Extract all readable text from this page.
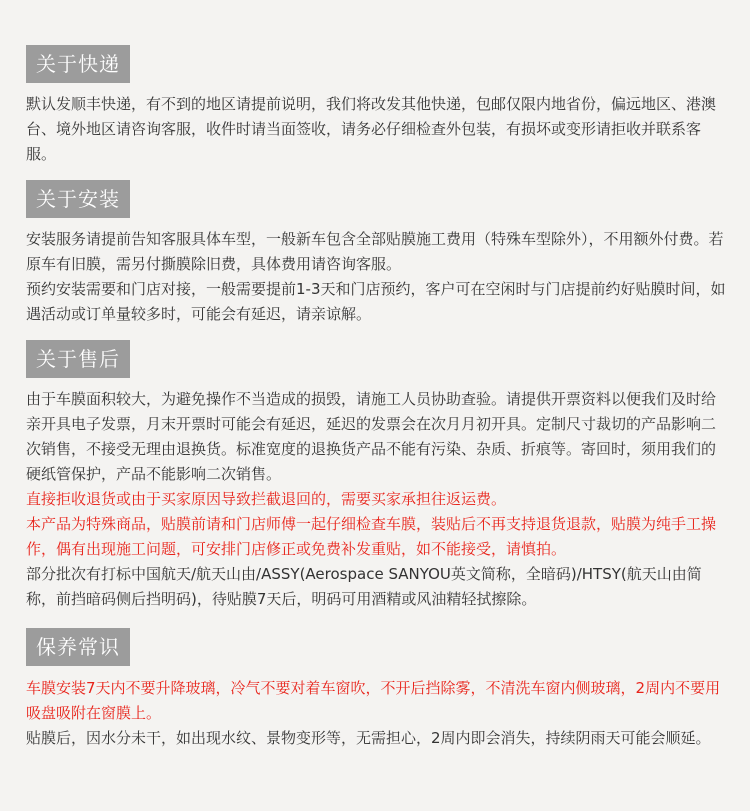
关于快递

默认发顺丰快递，有不到的地区请提前说明，我们将改发其他快递，包邮仅限内地省份，偏远地区、港澳台、境外地区请咨询客服，收件时请当面签收，请务必仔细检查外包装，有损坏或变形请拒收并联系客服。

关于安装

安装服务请提前告知客服具体车型，一般新车包含全部贴膜施工费用（特殊车型除外），不用额外付费。若原车有旧膜，需另付撕膜除旧费，具体费用请咨询客服。

预约安装需要和门店对接，一般需要提前1-3天和门店预约，客户可在空闲时与门店提前约好贴膜时间，如遇活动或订单量较多时，可能会有延迟，请亲谅解。

关于售后

由于车膜面积较大，为避免操作不当造成的损毁，请施工人员协助查验。请提供开票资料以便我们及时给亲开具电子发票，月末开票时可能会有延迟，延迟的发票会在次月月初开具。定制尺寸裁切的产品影响二次销售，不接受无理由退换货。标准宽度的退换货产品不能有污染、杂质、折痕等。寄回时，须用我们的硬纸管保护，产品不能影响二次销售。

直接拒收退货或由于买家原因导致拦截退回的，需要买家承担往返运费。

本产品为特殊商品，贴膜前请和门店师傅一起仔细检查车膜，装贴后不再支持退货退款，贴膜为纯手工操作，偶有出现施工问题，可安排门店修正或免费补发重贴，如不能接受，请慎拍。

部分批次有打标中国航天/航天山由/ASSY(Aerospace SANYOU英文简称，全暗码)/HTSY(航天山由简称，前挡暗码侧后挡明码)，待贴膜7天后，明码可用酒精或风油精轻拭擦除。

保养常识

车膜安装7天内不要升降玻璃，冷气不要对着车窗吹，不开后挡除雾，不清洗车窗内侧玻璃，2周内不要用吸盘吸附在窗膜上。

贴膜后，因水分未干，如出现水纹、景物变形等，无需担心，2周内即会消失，持续阴雨天可能会顺延。
